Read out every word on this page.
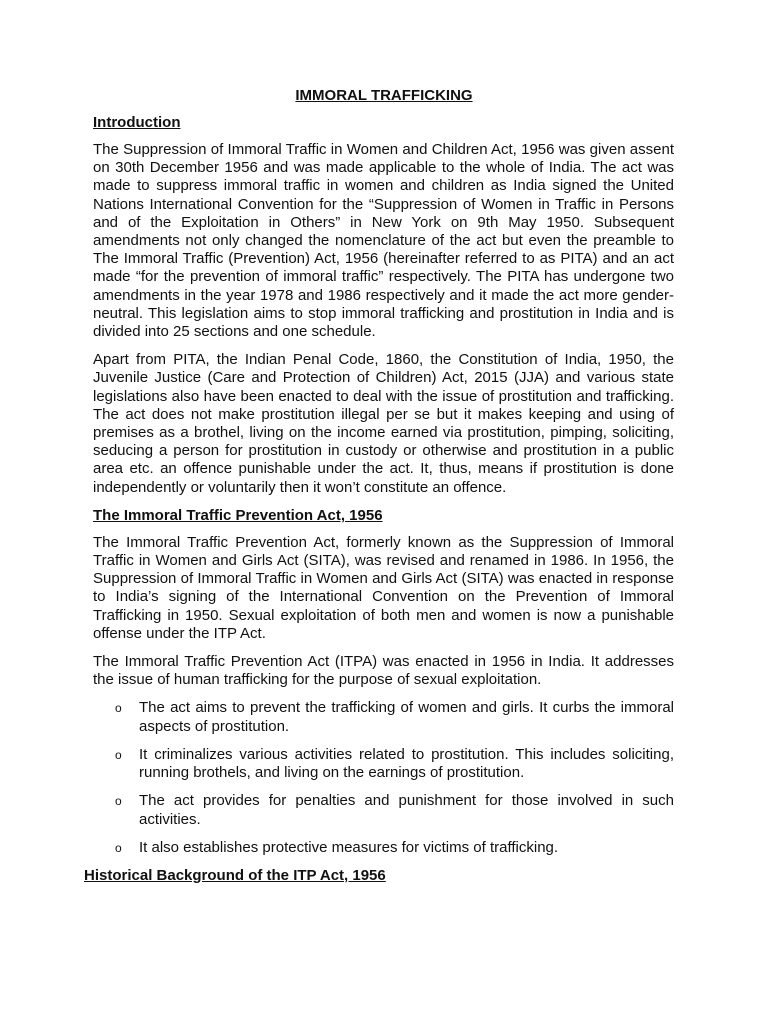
IMMORAL TRAFFICKING
Introduction

The Suppression of Immoral Traffic in Women and Children Act, 1956 was given assent on 30th December 1956 and was made applicable to the whole of India. The act was made to suppress immoral traffic in women and children as India signed the United Nations International Convention for the “Suppression of Women in Traffic in Persons and of the Exploitation in Others” in New York on 9th May 1950. Subsequent amendments not only changed the nomenclature of the act but even the preamble to The Immoral Traffic (Prevention) Act, 1956 (hereinafter referred to as PITA) and an act made “for the prevention of immoral traffic” respectively. The PITA has undergone two amendments in the year 1978 and 1986 respectively and it made the act more gender-neutral. This legislation aims to stop immoral trafficking and prostitution in India and is divided into 25 sections and one schedule.

Apart from PITA, the Indian Penal Code, 1860, the Constitution of India, 1950, the Juvenile Justice (Care and Protection of Children) Act, 2015 (JJA) and various state legislations also have been enacted to deal with the issue of prostitution and trafficking. The act does not make prostitution illegal per se but it makes keeping and using of premises as a brothel, living on the income earned via prostitution, pimping, soliciting, seducing a person for prostitution in custody or otherwise and prostitution in a public area etc. an offence punishable under the act. It, thus, means if prostitution is done independently or voluntarily then it won’t constitute an offence.

The Immoral Traffic Prevention Act, 1956

The Immoral Traffic Prevention Act, formerly known as the Suppression of Immoral Traffic in Women and Girls Act (SITA), was revised and renamed in 1986. In 1956, the Suppression of Immoral Traffic in Women and Girls Act (SITA) was enacted in response to India’s signing of the International Convention on the Prevention of Immoral Trafficking in 1950. Sexual exploitation of both men and women is now a punishable offense under the ITP Act.

The Immoral Traffic Prevention Act (ITPA) was enacted in 1956 in India. It addresses the issue of human trafficking for the purpose of sexual exploitation.

o The act aims to prevent the trafficking of women and girls. It curbs the immoral aspects of prostitution.
o It criminalizes various activities related to prostitution. This includes soliciting, running brothels, and living on the earnings of prostitution.
o The act provides for penalties and punishment for those involved in such activities.
o It also establishes protective measures for victims of trafficking.
Historical Background of the ITP Act, 1956
